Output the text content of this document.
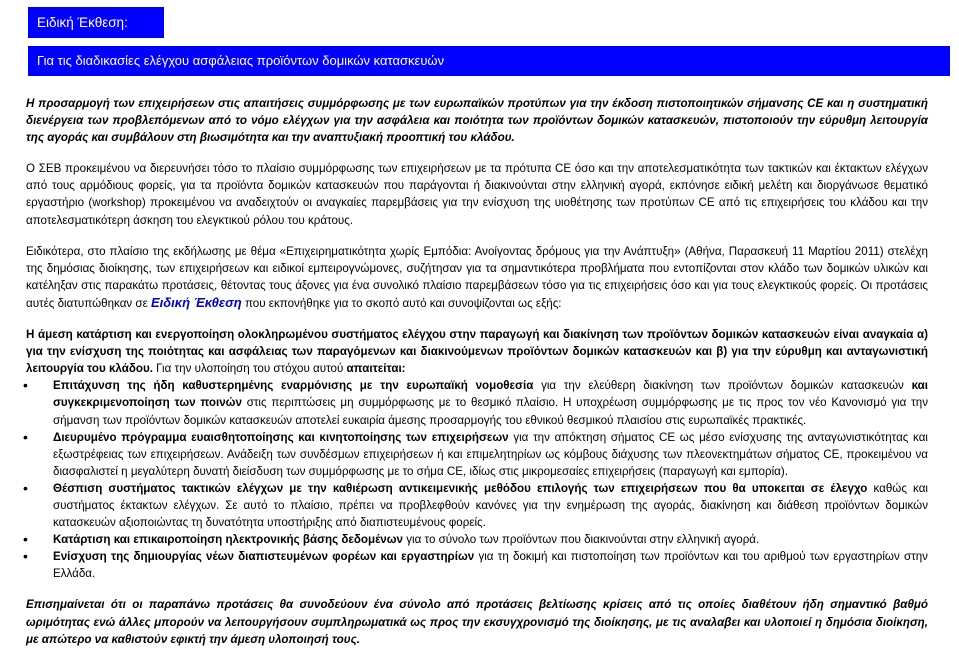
Ειδική Έκθεση:
Για τις διαδικασίες ελέγχου ασφάλειας προϊόντων δομικών κατασκευών

Η προσαρμογή των επιχειρήσεων στις απαιτήσεις συμμόρφωσης με των ευρωπαϊκών προτύπων για την έκδοση πιστοποιητικών σήμανσης CE και η συστηματική διενέργεια των προβλεπόμενων από το νόμο ελέγχων για την ασφάλεια και ποιότητα των προϊόντων δομικών κατασκευών, πιστοποιούν την εύρυθμη λειτουργία της αγοράς και συμβάλουν στη βιωσιμότητα και την αναπτυξιακή προοπτική του κλάδου.

Ο ΣΕΒ προκειμένου να διερευνήσει τόσο το πλαίσιο συμμόρφωσης των επιχειρήσεων με τα πρότυπα CE όσο και την αποτελεσματικότητα των τακτικών και έκτακτων ελέγχων από τους αρμόδιους φορείς, για τα προϊόντα δομικών κατασκευών που παράγονται ή διακινούνται στην ελληνική αγορά, εκπόνησε ειδική μελέτη και διοργάνωσε θεματικό εργαστήριο (workshop) προκειμένου να αναδειχτούν οι αναγκαίες παρεμβάσεις για την ενίσχυση της υιοθέτησης των προτύπων CE από τις επιχειρήσεις του κλάδου και την αποτελεσματικότερη άσκηση του ελεγκτικού ρόλου του κράτους.

Ειδικότερα, στο πλαίσιο της εκδήλωσης με θέμα «Επιχειρηματικότητα χωρίς Εμπόδια: Ανοίγοντας δρόμους για την Ανάπτυξη» (Αθήνα, Παρασκευή 11 Μαρτίου 2011) στελέχη της δημόσιας διοίκησης, των επιχειρήσεων και ειδικοί εμπειρογνώμονες, συζήτησαν για τα σημαντικότερα προβλήματα που εντοπίζονται στον κλάδο των δομικών υλικών και κατέληξαν στις παρακάτω προτάσεις, θέτοντας τους άξονες για ένα συνολικό πλαίσιο παρεμβάσεων τόσο για τις επιχειρήσεις όσο και για τους ελεγκτικούς φορείς. Οι προτάσεις αυτές διατυπώθηκαν σε Ειδική Έκθεση που εκπονήθηκε για το σκοπό αυτό και συνοψίζονται ως εξής:

Η άμεση κατάρτιση και ενεργοποίηση ολοκληρωμένου συστήματος ελέγχου στην παραγωγή και διακίνηση των προϊόντων δομικών κατασκευών είναι αναγκαία α) για την ενίσχυση της ποιότητας και ασφάλειας των παραγόμενων και διακινούμενων προϊόντων δομικών κατασκευών και β) για την εύρυθμη και ανταγωνιστική λειτουργία του κλάδου. Για την υλοποίηση του στόχου αυτού απαιτείται:

• Επιτάχυνση της ήδη καθυστερημένης εναρμόνισης με την ευρωπαϊκή νομοθεσία για την ελεύθερη διακίνηση των προϊόντων δομικών κατασκευών και συγκεκριμενοποίηση των ποινών στις περιπτώσεις μη συμμόρφωσης με το θεσμικό πλαίσιο. Η υποχρέωση συμμόρφωσης με τις προς τον νέο Κανονισμό για την σήμανση των προϊόντων δομικών κατασκευών αποτελεί ευκαιρία άμεσης προσαρμογής του εθνικού θεσμικού πλαισίου στις ευρωπαϊκές πρακτικές.
• Διευρυμένο πρόγραμμα ευαισθητοποίησης και κινητοποίησης των επιχειρήσεων για την απόκτηση σήματος CE ως μέσο ενίσχυσης της ανταγωνιστικότητας και εξωστρέφειας των επιχειρήσεων. Ανάδειξη των συνδέσμων επιχειρήσεων ή και επιμελητηρίων ως κόμβους διάχυσης των πλεονεκτημάτων σήματος CE, προκειμένου να διασφαλιστεί η μεγαλύτερη δυνατή διείσδυση των συμμόρφωσης με το σήμα CE, ιδίως στις μικρομεσαίες επιχειρήσεις (παραγωγή και εμπορία).
• Θέσπιση συστήματος τακτικών ελέγχων με την καθιέρωση αντικειμενικής μεθόδου επιλογής των επιχειρήσεων που θα υποκειται σε έλεγχο καθώς και συστήματος έκτακτων ελέγχων. Σε αυτό το πλαίσιο, πρέπει να προβλεφθούν κανόνες για την ενημέρωση της αγοράς, διακίνηση και διάθεση προϊόντων δομικών κατασκευών αξιοποιώντας τη δυνατότητα υποστήριξης από διαπιστευμένους φορείς.
• Κατάρτιση και επικαιροποίηση ηλεκτρονικής βάσης δεδομένων για το σύνολο των προϊόντων που διακινούνται στην ελληνική αγορά.
• Ενίσχυση της δημιουργίας νέων διαπιστευμένων φορέων και εργαστηρίων για τη δοκιμή και πιστοποίηση των προϊόντων και του αριθμού των εργαστηρίων στην Ελλάδα.

Επισημαίνεται ότι οι παραπάνω προτάσεις θα συνοδεύουν ένα σύνολο από προτάσεις βελτίωσης κρίσεις από τις οποίες διαθέτουν ήδη σημαντικό βαθμό ωριμότητας ενώ άλλες μπορούν να λειτουργήσουν συμπληρωματικά ως προς την εκσυγχρονισμό της διοίκησης, με τις αναλαβει και υλοποιεί η δημόσια διοίκηση, με απώτερο να καθιστούν εφικτή την άμεση υλοποιησή τους.
